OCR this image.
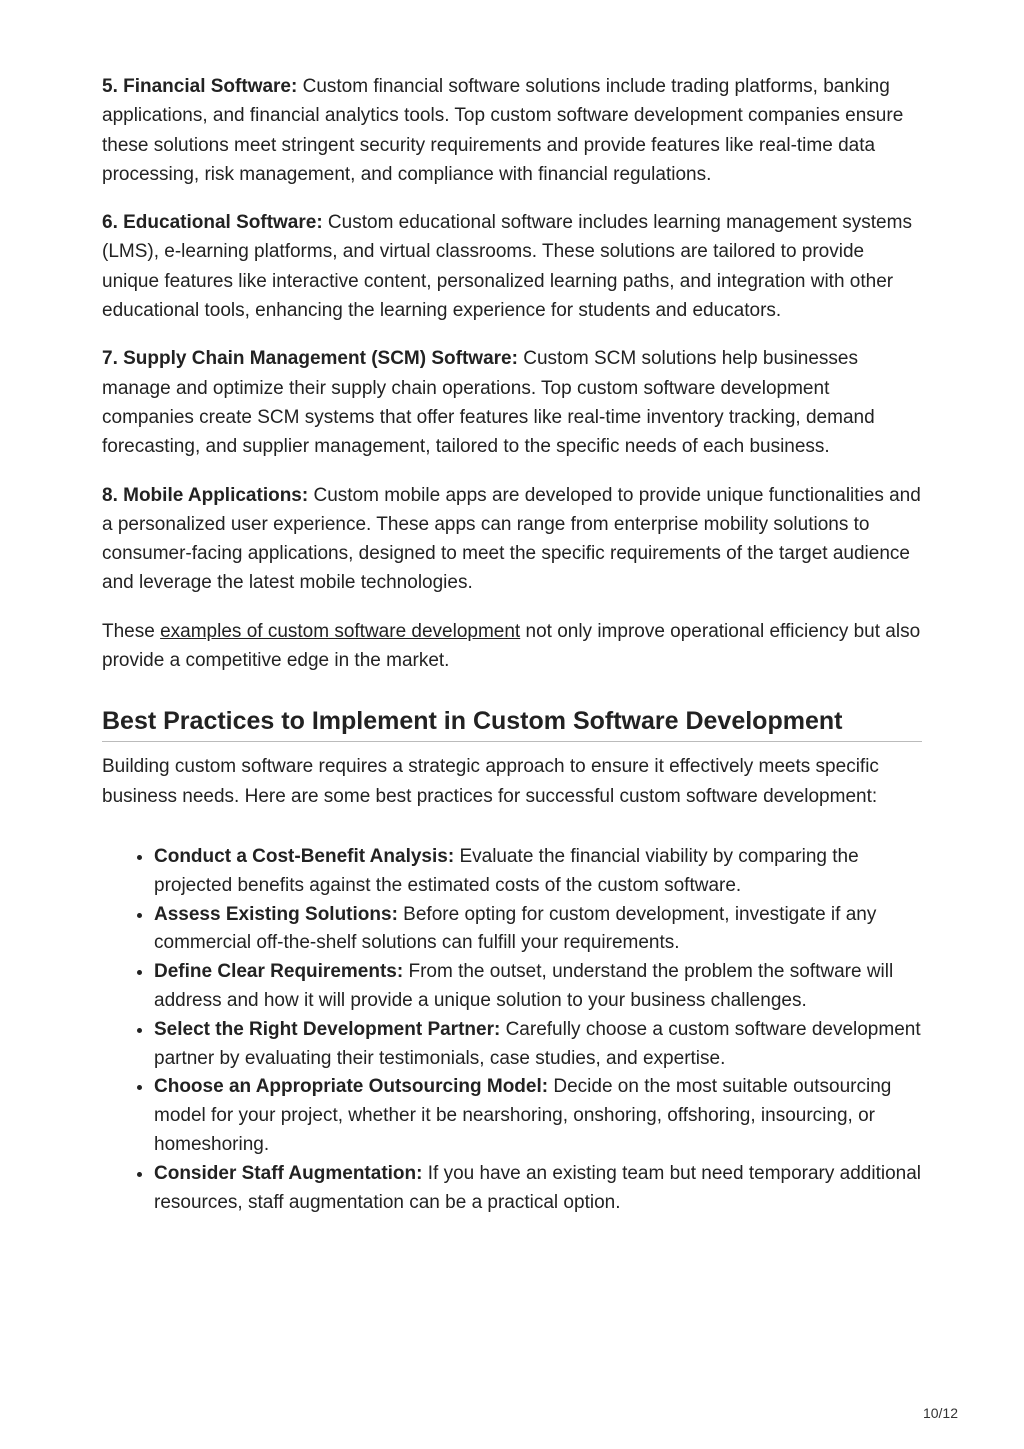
5. Financial Software: Custom financial software solutions include trading platforms, banking applications, and financial analytics tools. Top custom software development companies ensure these solutions meet stringent security requirements and provide features like real-time data processing, risk management, and compliance with financial regulations.

6. Educational Software: Custom educational software includes learning management systems (LMS), e-learning platforms, and virtual classrooms. These solutions are tailored to provide unique features like interactive content, personalized learning paths, and integration with other educational tools, enhancing the learning experience for students and educators.

7. Supply Chain Management (SCM) Software: Custom SCM solutions help businesses manage and optimize their supply chain operations. Top custom software development companies create SCM systems that offer features like real-time inventory tracking, demand forecasting, and supplier management, tailored to the specific needs of each business.

8. Mobile Applications: Custom mobile apps are developed to provide unique functionalities and a personalized user experience. These apps can range from enterprise mobility solutions to consumer-facing applications, designed to meet the specific requirements of the target audience and leverage the latest mobile technologies.

These examples of custom software development not only improve operational efficiency but also provide a competitive edge in the market.

Best Practices to Implement in Custom Software Development

Building custom software requires a strategic approach to ensure it effectively meets specific business needs. Here are some best practices for successful custom software development:

• Conduct a Cost-Benefit Analysis: Evaluate the financial viability by comparing the projected benefits against the estimated costs of the custom software.
• Assess Existing Solutions: Before opting for custom development, investigate if any commercial off-the-shelf solutions can fulfill your requirements.
• Define Clear Requirements: From the outset, understand the problem the software will address and how it will provide a unique solution to your business challenges.
• Select the Right Development Partner: Carefully choose a custom software development partner by evaluating their testimonials, case studies, and expertise.
• Choose an Appropriate Outsourcing Model: Decide on the most suitable outsourcing model for your project, whether it be nearshoring, onshoring, offshoring, insourcing, or homeshoring.
• Consider Staff Augmentation: If you have an existing team but need temporary additional resources, staff augmentation can be a practical option.
10/12
